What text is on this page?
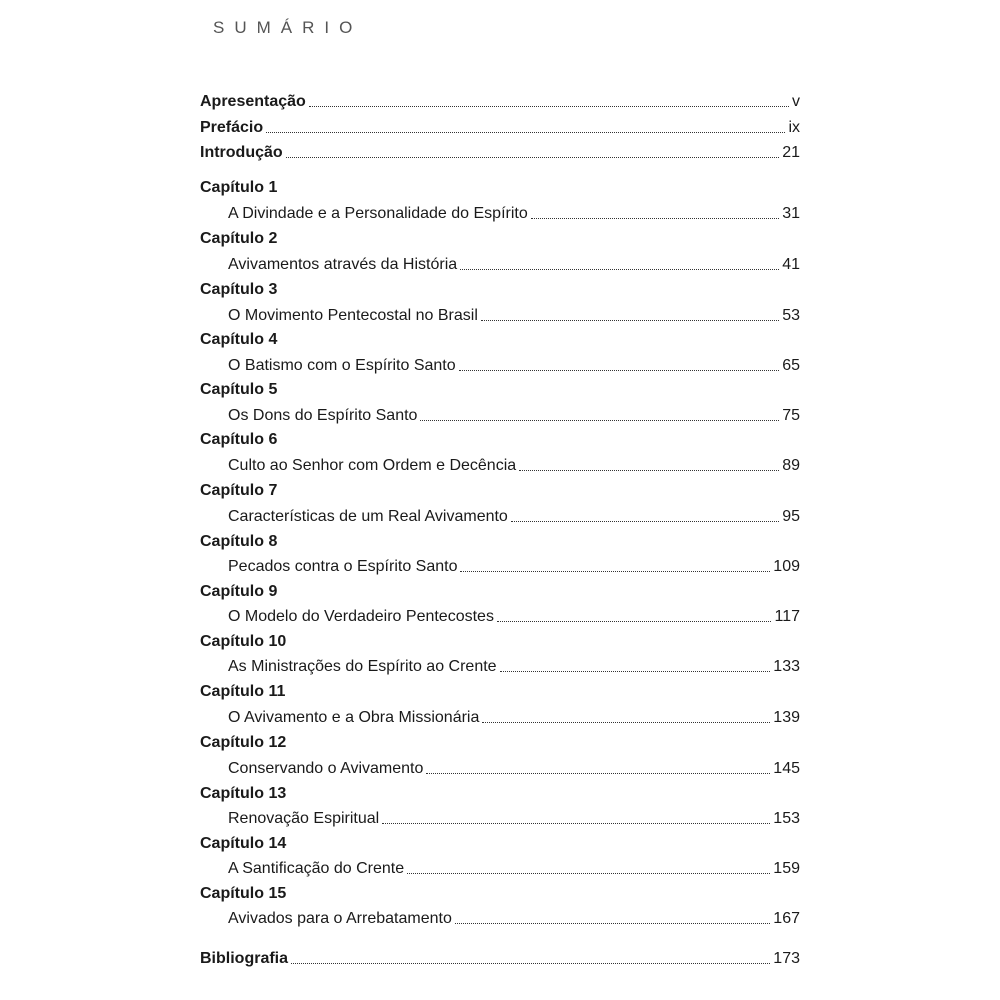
SUMÁRIO
Apresentação	v
Prefácio	ix
Introdução	21
Capítulo 1
A Divindade e a Personalidade do Espírito	31
Capítulo 2
Avivamentos através da História	41
Capítulo 3
O Movimento Pentecostal no Brasil	53
Capítulo 4
O Batismo com o Espírito Santo	65
Capítulo 5
Os Dons do Espírito Santo	75
Capítulo 6
Culto ao Senhor com Ordem e Decência	89
Capítulo 7
Características de um Real Avivamento	95
Capítulo 8
Pecados contra o Espírito Santo	109
Capítulo 9
O Modelo do Verdadeiro Pentecostes	117
Capítulo 10
As Ministrações do Espírito ao Crente	133
Capítulo 11
O Avivamento e a Obra Missionária	139
Capítulo 12
Conservando o Avivamento	145
Capítulo 13
Renovação Espiritual	153
Capítulo 14
A Santificação do Crente	159
Capítulo 15
Avivados para o Arrebatamento	167
Bibliografia	173
